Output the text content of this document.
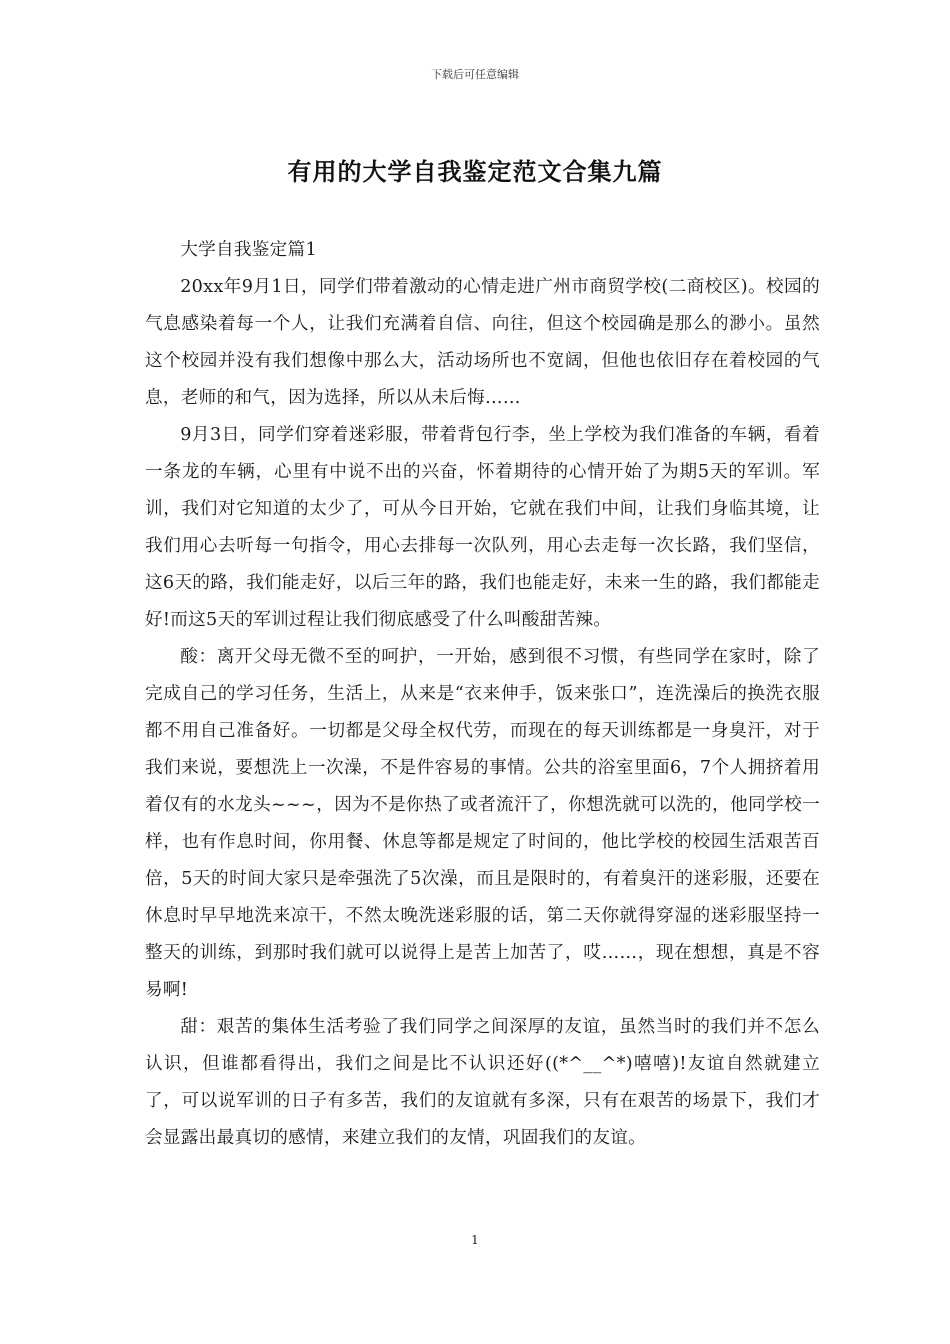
下载后可任意编辑
有用的大学自我鉴定范文合集九篇

大学自我鉴定篇1

20xx年9月1日，同学们带着激动的心情走进广州市商贸学校(二商校区)。校园的气息感染着每一个人，让我们充满着自信、向往，但这个校园确是那么的渺小。虽然这个校园并没有我们想像中那么大，活动场所也不宽阔，但他也依旧存在着校园的气息，老师的和气，因为选择，所以从未后悔……

9月3日，同学们穿着迷彩服，带着背包行李，坐上学校为我们准备的车辆，看着一条龙的车辆，心里有中说不出的兴奋，怀着期待的心情开始了为期5天的军训。军训，我们对它知道的太少了，可从今日开始，它就在我们中间，让我们身临其境，让我们用心去听每一句指令，用心去排每一次队列，用心去走每一次长路，我们坚信，这6天的路，我们能走好，以后三年的路，我们也能走好，未来一生的路，我们都能走好!而这5天的军训过程让我们彻底感受了什么叫酸甜苦辣。

酸：离开父母无微不至的呵护，一开始，感到很不习惯，有些同学在家时，除了完成自己的学习任务，生活上，从来是“衣来伸手，饭来张口”，连洗澡后的换洗衣服都不用自己准备好。一切都是父母全权代劳，而现在的每天训练都是一身臭汗，对于我们来说，要想洗上一次澡，不是件容易的事情。公共的浴室里面6，7个人拥挤着用着仅有的水龙头~~~，因为不是你热了或者流汗了，你想洗就可以洗的，他同学校一样，也有作息时间，你用餐、休息等都是规定了时间的，他比学校的校园生活艰苦百倍，5天的时间大家只是牵强洗了5次澡，而且是限时的，有着臭汗的迷彩服，还要在休息时早早地洗来凉干，不然太晚洗迷彩服的话，第二天你就得穿湿的迷彩服坚持一整天的训练，到那时我们就可以说得上是苦上加苦了，哎……，现在想想，真是不容易啊!

甜：艰苦的集体生活考验了我们同学之间深厚的友谊，虽然当时的我们并不怎么认识，但谁都看得出，我们之间是比不认识还好((*^__^*)嘻嘻)!友谊自然就建立了，可以说军训的日子有多苦，我们的友谊就有多深，只有在艰苦的场景下，我们才会显露出最真切的感情，来建立我们的友情，巩固我们的友谊。

1
